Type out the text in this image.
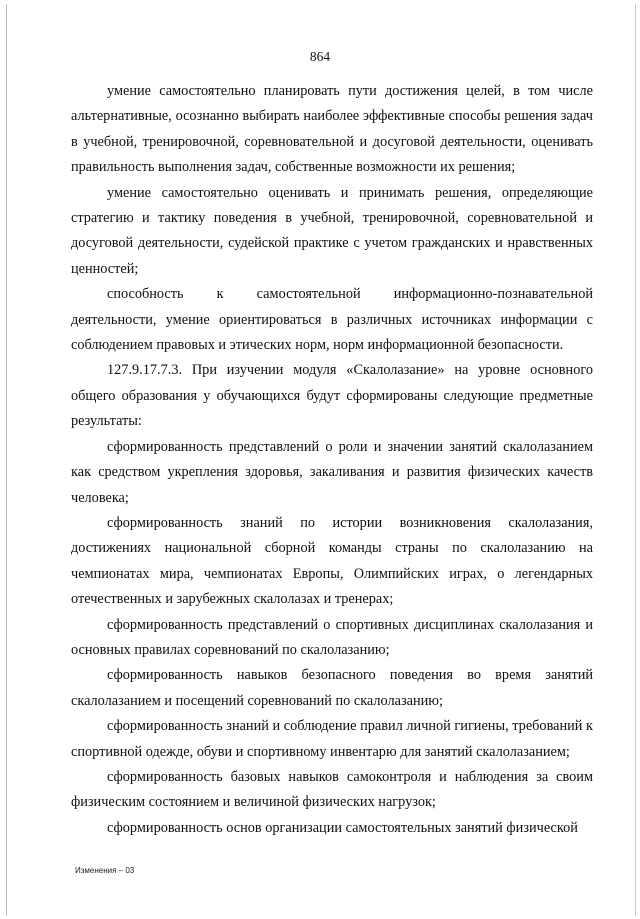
864

умение самостоятельно планировать пути достижения целей, в том числе альтернативные, осознанно выбирать наиболее эффективные способы решения задач в учебной, тренировочной, соревновательной и досуговой деятельности, оценивать правильность выполнения задач, собственные возможности их решения;

умение самостоятельно оценивать и принимать решения, определяющие стратегию и тактику поведения в учебной, тренировочной, соревновательной и досуговой деятельности, судейской практике с учетом гражданских и нравственных ценностей;

способность к самостоятельной информационно-познавательной деятельности, умение ориентироваться в различных источниках информации с соблюдением правовых и этических норм, норм информационной безопасности.

127.9.17.7.3. При изучении модуля «Скалолазание» на уровне основного общего образования у обучающихся будут сформированы следующие предметные результаты:

сформированность представлений о роли и значении занятий скалолазанием как средством укрепления здоровья, закаливания и развития физических качеств человека;

сформированность знаний по истории возникновения скалолазания, достижениях национальной сборной команды страны по скалолазанию на чемпионатах мира, чемпионатах Европы, Олимпийских играх, о легендарных отечественных и зарубежных скалолазах и тренерах;

сформированность представлений о спортивных дисциплинах скалолазания и основных правилах соревнований по скалолазанию;

сформированность навыков безопасного поведения во время занятий скалолазанием и посещений соревнований по скалолазанию;

сформированность знаний и соблюдение правил личной гигиены, требований к спортивной одежде, обуви и спортивному инвентарю для занятий скалолазанием;

сформированность базовых навыков самоконтроля и наблюдения за своим физическим состоянием и величиной физических нагрузок;

сформированность основ организации самостоятельных занятий физической

Изменения – 03
